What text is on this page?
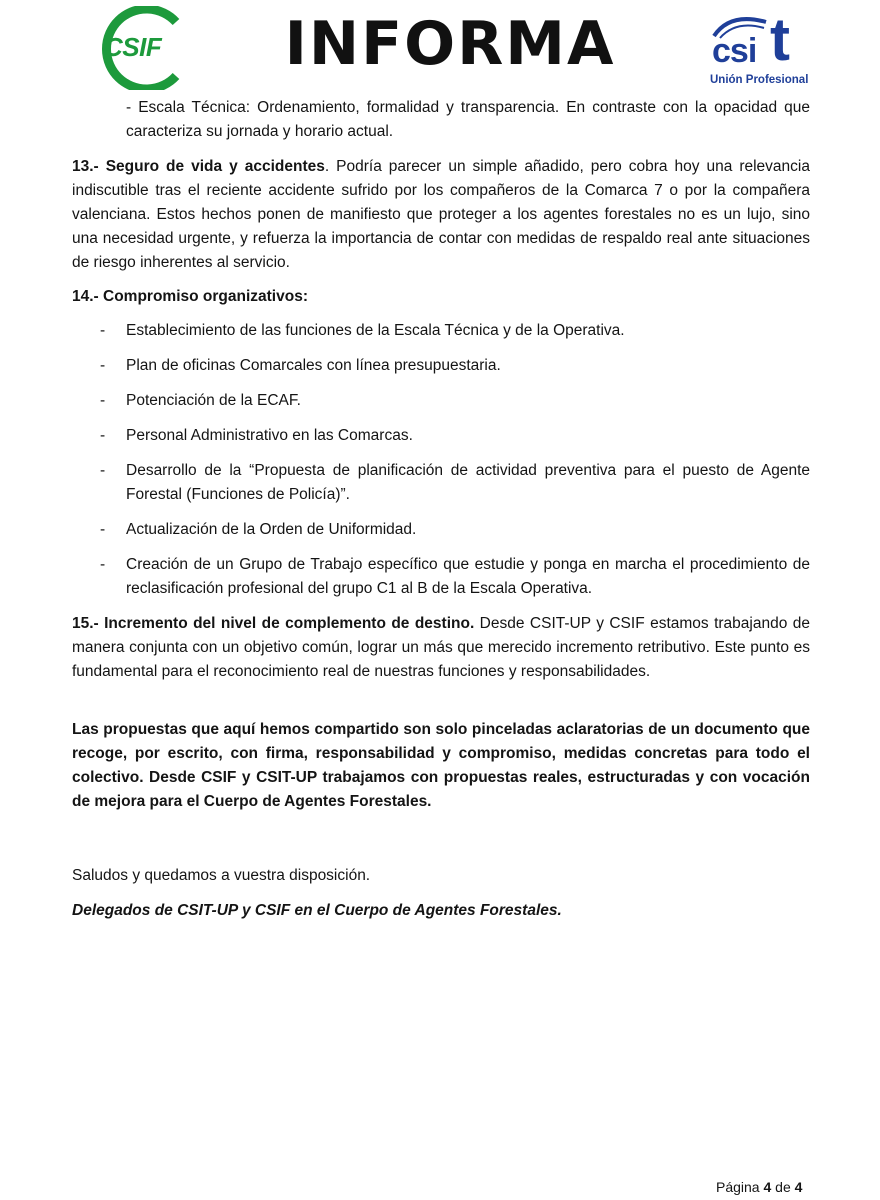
CSIF	INFORMA	csi t
Unión Profesional

- Escala Técnica: Ordenamiento, formalidad y transparencia. En contraste con la opacidad que caracteriza su jornada y horario actual.

13.- Seguro de vida y accidentes. Podría parecer un simple añadido, pero cobra hoy una relevancia indiscutible tras el reciente accidente sufrido por los compañeros de la Comarca 7 o por la compañera valenciana. Estos hechos ponen de manifiesto que proteger a los agentes forestales no es un lujo, sino una necesidad urgente, y refuerza la importancia de contar con medidas de respaldo real ante situaciones de riesgo inherentes al servicio.

14.- Compromiso organizativos:

- Establecimiento de las funciones de la Escala Técnica y de la Operativa.
- Plan de oficinas Comarcales con línea presupuestaria.
- Potenciación de la ECAF.
- Personal Administrativo en las Comarcas.
- Desarrollo de la “Propuesta de planificación de actividad preventiva para el puesto de Agente Forestal (Funciones de Policía)”.
- Actualización de la Orden de Uniformidad.
- Creación de un Grupo de Trabajo específico que estudie y ponga en marcha el procedimiento de reclasificación profesional del grupo C1 al B de la Escala Operativa.

15.- Incremento del nivel de complemento de destino. Desde CSIT-UP y CSIF estamos trabajando de manera conjunta con un objetivo común, lograr un más que merecido incremento retributivo. Este punto es fundamental para el reconocimiento real de nuestras funciones y responsabilidades.

Las propuestas que aquí hemos compartido son solo pinceladas aclaratorias de un documento que recoge, por escrito, con firma, responsabilidad y compromiso, medidas concretas para todo el colectivo. Desde CSIF y CSIT-UP trabajamos con propuestas reales, estructuradas y con vocación de mejora para el Cuerpo de Agentes Forestales.

Saludos y quedamos a vuestra disposición.

Delegados de CSIT-UP y CSIF en el Cuerpo de Agentes Forestales.

Página 4 de 4
